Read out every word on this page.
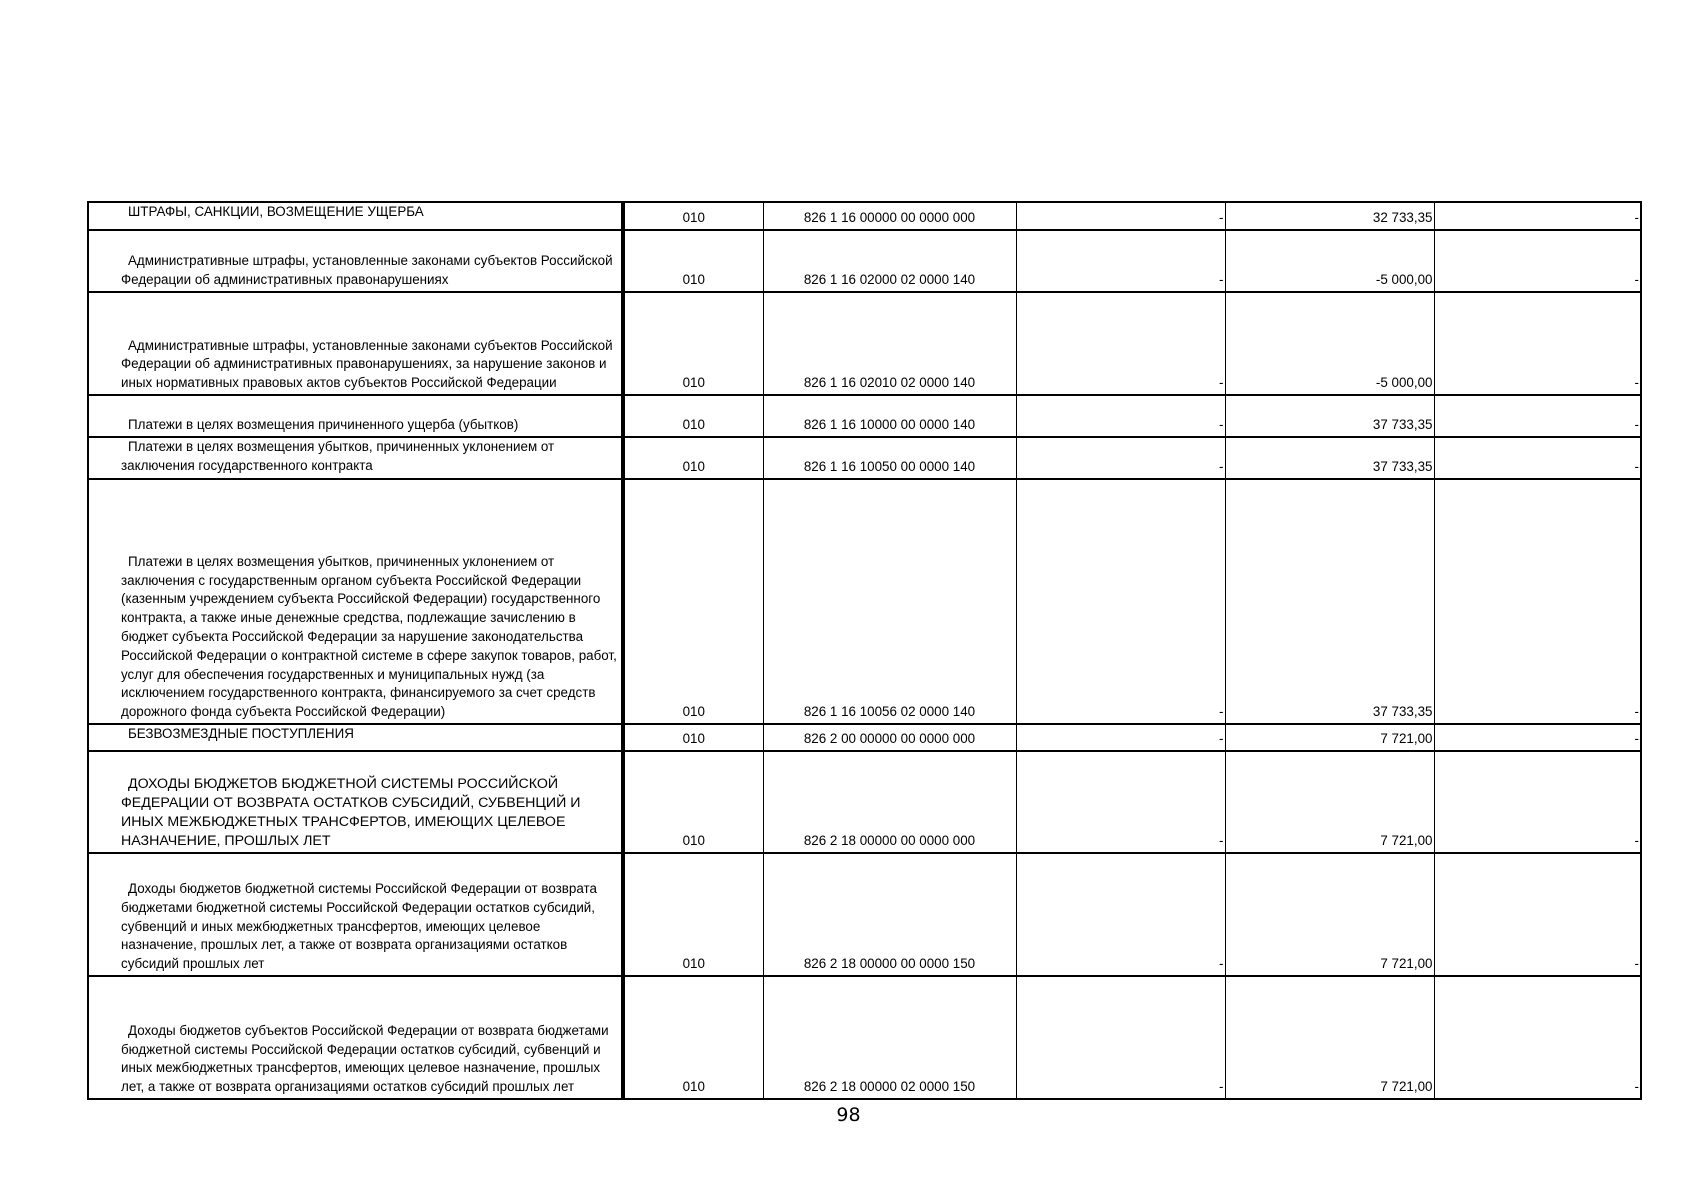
ШТРАФЫ, САНКЦИИ, ВОЗМЕЩЕНИЕ УЩЕРБА	010	826 1 16 00000 00 0000 000	-	32 733,35	-
Административные штрафы, установленные законами субъектов Российской Федерации об административных правонарушениях	010	826 1 16 02000 02 0000 140	-	-5 000,00	-
Административные штрафы, установленные законами субъектов Российской Федерации об административных правонарушениях, за нарушение законов и иных нормативных правовых актов субъектов Российской Федерации	010	826 1 16 02010 02 0000 140	-	-5 000,00	-
Платежи в целях возмещения причиненного ущерба (убытков)	010	826 1 16 10000 00 0000 140	-	37 733,35	-
Платежи в целях возмещения убытков, причиненных уклонением от заключения государственного контракта	010	826 1 16 10050 00 0000 140	-	37 733,35	-
Платежи в целях возмещения убытков, причиненных уклонением от заключения с государственным органом субъекта Российской Федерации (казенным учреждением субъекта Российской Федерации) государственного контракта, а также иные денежные средства, подлежащие зачислению в бюджет субъекта Российской Федерации за нарушение законодательства Российской Федерации о контрактной системе в сфере закупок товаров, работ, услуг для обеспечения государственных и муниципальных нужд (за исключением государственного контракта, финансируемого за счет средств дорожного фонда субъекта Российской Федерации)	010	826 1 16 10056 02 0000 140	-	37 733,35	-
БЕЗВОЗМЕЗДНЫЕ ПОСТУПЛЕНИЯ	010	826 2 00 00000 00 0000 000	-	7 721,00	-
ДОХОДЫ БЮДЖЕТОВ БЮДЖЕТНОЙ СИСТЕМЫ РОССИЙСКОЙ ФЕДЕРАЦИИ ОТ ВОЗВРАТА ОСТАТКОВ СУБСИДИЙ, СУБВЕНЦИЙ И ИНЫХ МЕЖБЮДЖЕТНЫХ ТРАНСФЕРТОВ, ИМЕЮЩИХ ЦЕЛЕВОЕ НАЗНАЧЕНИЕ, ПРОШЛЫХ ЛЕТ	010	826 2 18 00000 00 0000 000	-	7 721,00	-
Доходы бюджетов бюджетной системы Российской Федерации от возврата бюджетами бюджетной системы Российской Федерации остатков субсидий, субвенций и иных межбюджетных трансфертов, имеющих целевое назначение, прошлых лет, а также от возврата организациями остатков субсидий прошлых лет	010	826 2 18 00000 00 0000 150	-	7 721,00	-
Доходы бюджетов субъектов Российской Федерации от возврата бюджетами бюджетной системы Российской Федерации остатков субсидий, субвенций и иных межбюджетных трансфертов, имеющих целевое назначение, прошлых лет, а также от возврата организациями остатков субсидий прошлых лет	010	826 2 18 00000 02 0000 150	-	7 721,00	-
98
